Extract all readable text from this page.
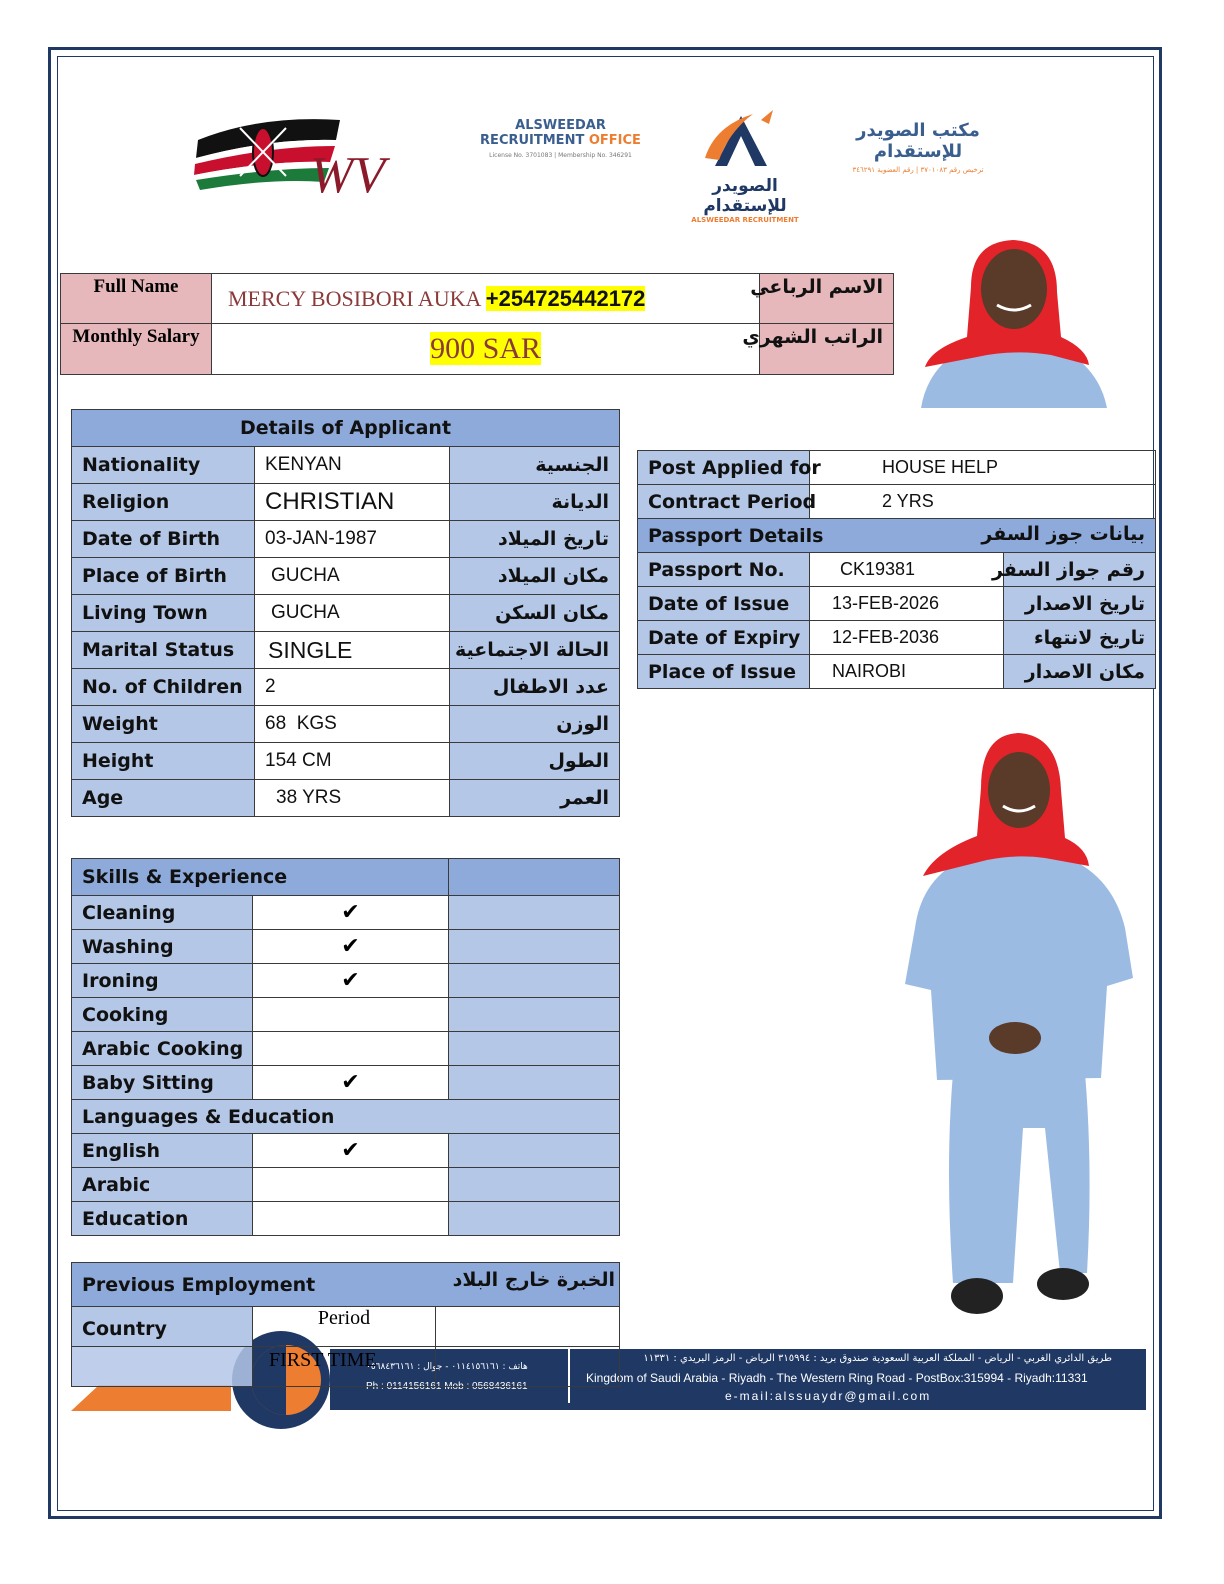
WV
ALSWEEDAR
RECRUITMENT OFFICE
License No. 3701083 | Membership No. 346291
الصويدر للإستقدام
ALSWEEDAR RECRUITMENT
مكتب الصويدر للإستقدام
ترخيص رقم ٣٧٠١٠٨٣ | رقم العضوية ٣٤٦٢٩١
Full Name	MERCY BOSIBORI AUKA +254725442172	الاسم الرباعي
Monthly Salary	900 SAR	الراتب الشهري
Details of Applicant		
Nationality	KENYAN	الجنسية
Religion	CHRISTIAN	الديانة
Date of Birth	03-JAN-1987	تاريخ الميلاد
Place of Birth	GUCHA	مكان الميلاد
Living Town	GUCHA	مكان السكن
Marital Status	SINGLE	الحالة الاجتماعية
No. of Children	2	عدد الاطفال
Weight	68  KGS	الوزن
Height	154 CM	الطول
Age	38 YRS	العمر
Post Applied for	HOUSE HELP	
Contract Period	2 YRS	
Passport Details بيانات جوز السفر		

Passport No.	CK19381	رقم جواز السفر
Date of Issue	13-FEB-2026	تاريخ الاصدار
Date of Expiry	12-FEB-2036	تاريخ لانتهاء
Place of Issue	NAIROBI	مكان الاصدار
Skills & Experience		
Cleaning	✔	
Washing	✔	
Ironing	✔	
Cooking		
Arabic Cooking		
Baby Sitting	✔	
Languages & Education		
English	✔	
Arabic		
Education		
طريق الدائري الغربي - الرياض - المملكة العربية السعودية صندوق بريد : ٣١٥٩٩٤ الرياض - الرمز البريدي : ١١٣٣١
Kingdom of Saudi Arabia - Riyadh - The Western Ring Road - PostBox:315994 - Riyadh:11331
e-mail:alssuaydr@gmail.com
هاتف : ٠١١٤١٥٦١٦١ - جوال : ٠٥٦٨٤٣٦١٦١
Ph : 0114156161 Mob : 0568436161
Previous Employment الخبرة خارج البلاد		

Country	Period	
	FIRST TIME	
